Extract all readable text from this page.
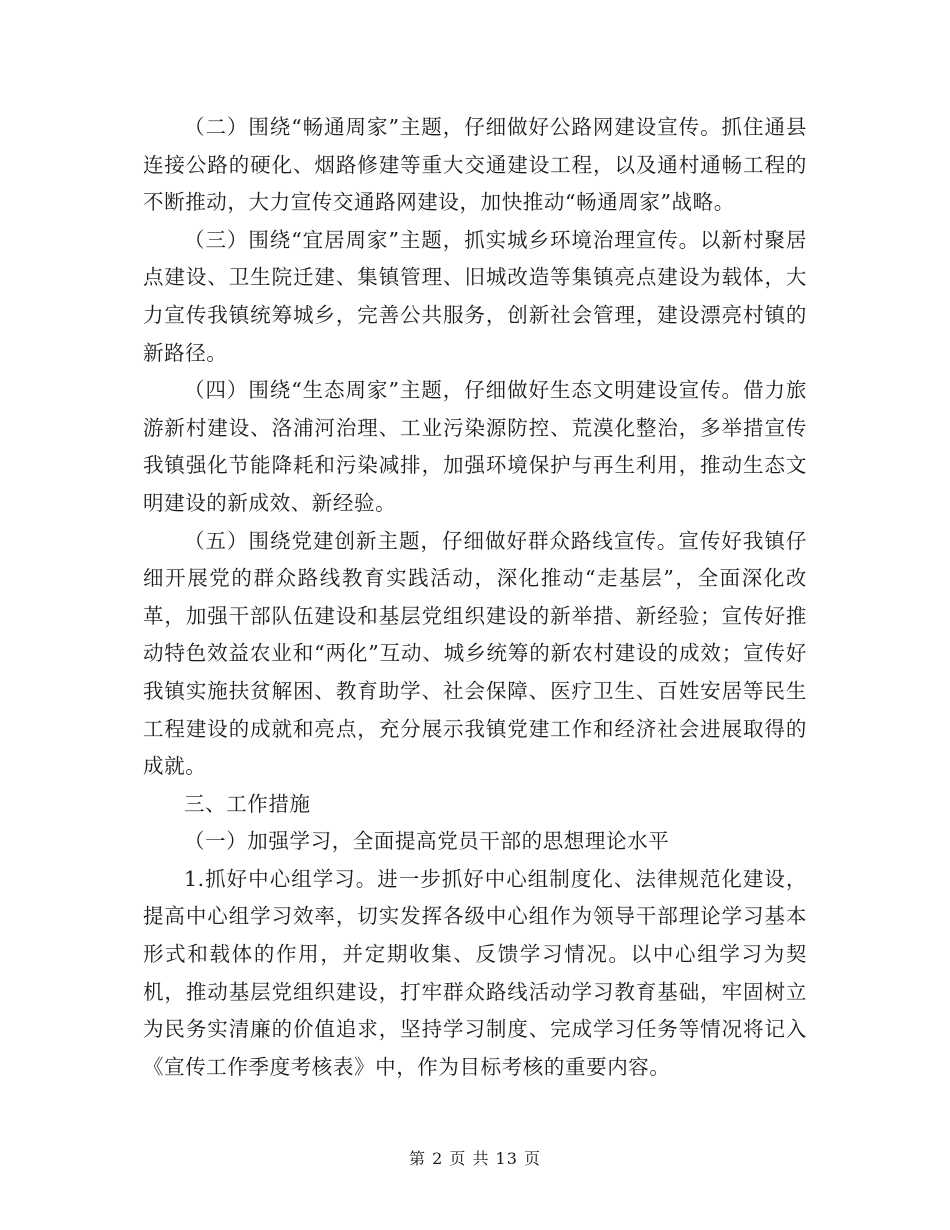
（二）围绕“畅通周家”主题，仔细做好公路网建设宣传。抓住通县连接公路的硬化、烟路修建等重大交通建设工程，以及通村通畅工程的不断推动，大力宣传交通路网建设，加快推动“畅通周家”战略。

（三）围绕“宜居周家”主题，抓实城乡环境治理宣传。以新村聚居点建设、卫生院迁建、集镇管理、旧城改造等集镇亮点建设为载体，大力宣传我镇统筹城乡，完善公共服务，创新社会管理，建设漂亮村镇的新路径。

（四）围绕“生态周家”主题，仔细做好生态文明建设宣传。借力旅游新村建设、洛浦河治理、工业污染源防控、荒漠化整治，多举措宣传我镇强化节能降耗和污染减排，加强环境保护与再生利用，推动生态文明建设的新成效、新经验。

（五）围绕党建创新主题，仔细做好群众路线宣传。宣传好我镇仔细开展党的群众路线教育实践活动，深化推动“走基层”，全面深化改革，加强干部队伍建设和基层党组织建设的新举措、新经验；宣传好推动特色效益农业和“两化”互动、城乡统筹的新农村建设的成效；宣传好我镇实施扶贫解困、教育助学、社会保障、医疗卫生、百姓安居等民生工程建设的成就和亮点，充分展示我镇党建工作和经济社会进展取得的成就。

三、工作措施

（一）加强学习，全面提高党员干部的思想理论水平

1.抓好中心组学习。进一步抓好中心组制度化、法律规范化建设，提高中心组学习效率，切实发挥各级中心组作为领导干部理论学习基本形式和载体的作用，并定期收集、反馈学习情况。以中心组学习为契机，推动基层党组织建设，打牢群众路线活动学习教育基础，牢固树立为民务实清廉的价值追求，坚持学习制度、完成学习任务等情况将记入《宣传工作季度考核表》中，作为目标考核的重要内容。

第 2 页 共 13 页
